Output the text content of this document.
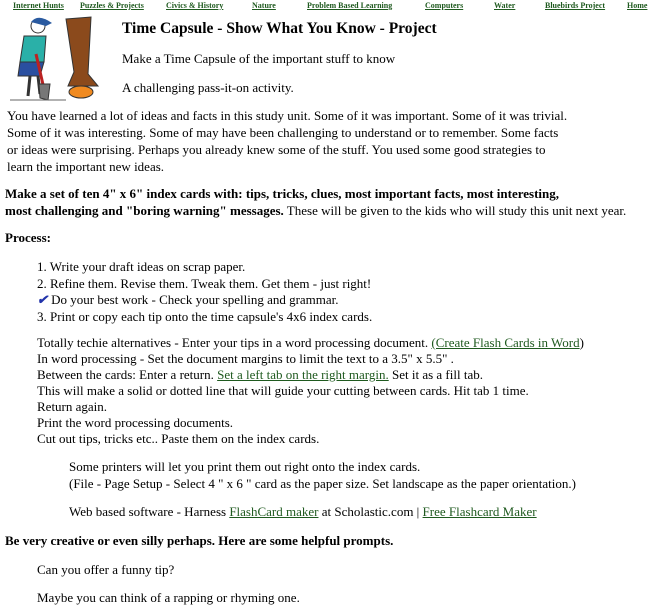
Internet Hunts Puzzles & Projects	Civics & History	Nature	Problem Based Learning	Computers	Water	Bluebirds Project	Home
Time Capsule - Show What You Know - Project
Make a Time Capsule of the important stuff to know
A challenging pass-it-on activity.
You have learned a lot of ideas and facts in this study unit. Some of it was important. Some of it was trivial.
Some of it was interesting. Some of may have been challenging to understand or to remember. Some facts
or ideas were surprising. Perhaps you already knew some of the stuff. You used some good strategies to
learn the important new ideas.
Make a set of ten 4" x 6" index cards with: tips, tricks, clues, most important facts, most interesting,
most challenging and "boring warning" messages. These will be given to the kids who will study this unit next year.
Process:
1. Write your draft ideas on scrap paper.
2. Refine them. Revise them. Tweak them. Get them - just right!
✔ Do your best work - Check your spelling and grammar.
3. Print or copy each tip onto the time capsule's 4x6 index cards.
Totally techie alternatives - Enter your tips in a word processing document. (Create Flash Cards in Word)
In word processing - Set the document margins to limit the text to a 3.5" x 5.5" .
Between the cards: Enter a return. Set a left tab on the right margin. Set it as a fill tab.
This will make a solid or dotted line that will guide your cutting between cards. Hit tab 1 time.
Return again.
Print the word processing documents.
Cut out tips, tricks etc.. Paste them on the index cards.
Some printers will let you print them out right onto the index cards.
(File - Page Setup - Select 4 " x 6 " card as the paper size. Set landscape as the paper orientation.)
Web based software - Harness FlashCard maker at Scholastic.com | Free Flashcard Maker
Be very creative or even silly perhaps. Here are some helpful prompts.
Can you offer a funny tip?
Maybe you can think of a rapping or rhyming one.
